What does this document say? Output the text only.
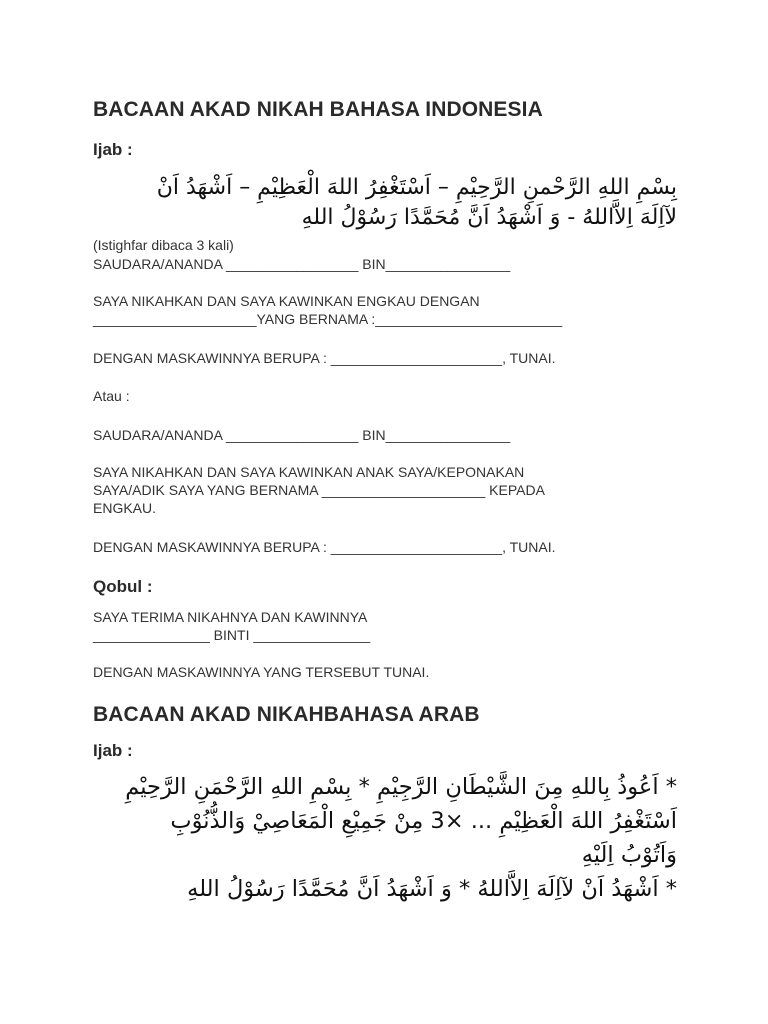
BACAAN AKAD NIKAH BAHASA INDONESIA
Ijab :
بِسْمِ اللهِ الرَّحْمنِ الرَّحِيْمِ – اَسْتَغْفِرُ اللهَ الْعَظِيْمِ – اَشْهَدُ اَنْ
لآاِلَهَ اِلاَّاللهُ - وَ اَشْهَدُ اَنَّ مُحَمَّدًا رَسُوْلُ اللهِ
(Istighfar dibaca 3 kali)
SAUDARA/ANANDA _________________ BIN________________
SAYA NIKAHKAN DAN SAYA KAWINKAN ENGKAU DENGAN
_____________________YANG BERNAMA :________________________
DENGAN MASKAWINNYA BERUPA : ______________________, TUNAI.
Atau :
SAUDARA/ANANDA _________________ BIN________________
SAYA NIKAHKAN DAN SAYA KAWINKAN ANAK SAYA/KEPONAKAN
SAYA/ADIK SAYA YANG BERNAMA _____________________ KEPADA
ENGKAU.
DENGAN MASKAWINNYA BERUPA : ______________________, TUNAI.
Qobul :
SAYA TERIMA NIKAHNYA DAN KAWINNYA
_______________ BINTI _______________
DENGAN MASKAWINNYA YANG TERSEBUT TUNAI.
BACAAN AKAD NIKAHBAHASA ARAB
Ijab :
* اَعُوذُ بِاللهِ مِنَ الشَّيْطَانِ الرَّجِيْمِ * بِسْمِ اللهِ الرَّحْمَنِ الرَّحِيْمِ
اَسْتَغْفِرُ اللهَ الْعَظِيْمِ ... ×3 مِنْ جَمِيْعِ الْمَعَاصِيْ وَالذُّنُوْبِ
وَاَتُوْبُ اِلَيْهِ
* اَشْهَدُ اَنْ لآاِلَهَ اِلاَّاللهُ * وَ اَشْهَدُ اَنَّ مُحَمَّدًا رَسُوْلُ اللهِ
